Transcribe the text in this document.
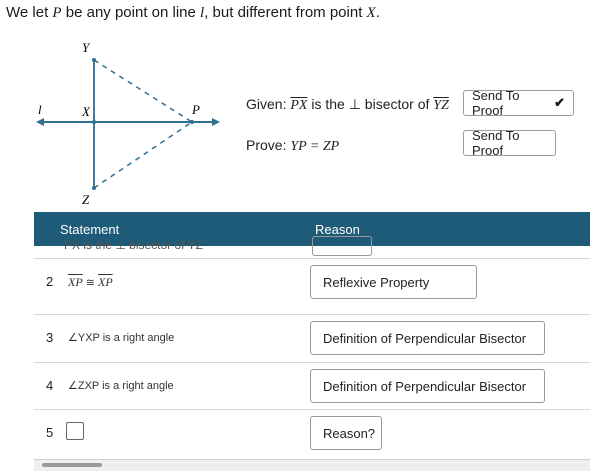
We let P be any point on line l, but different from point X.
Y
l	X	P
Z
Given: $\overline{PX}$ is the ⊥ bisector of $\overline{YZ}$
Prove: YP = ZP
Send To Proof
✔
Send To Proof
Statement	Reason
PX is the ⊥ bisector of YZ
2 $\overline{XP}$ ≅ $\overline{XP}$	Reflexive Property
3 ∠YXP is a right angle	Definition of Perpendicular Bisector
4 ∠ZXP is a right angle	Definition of Perpendicular Bisector
5	Reason?
